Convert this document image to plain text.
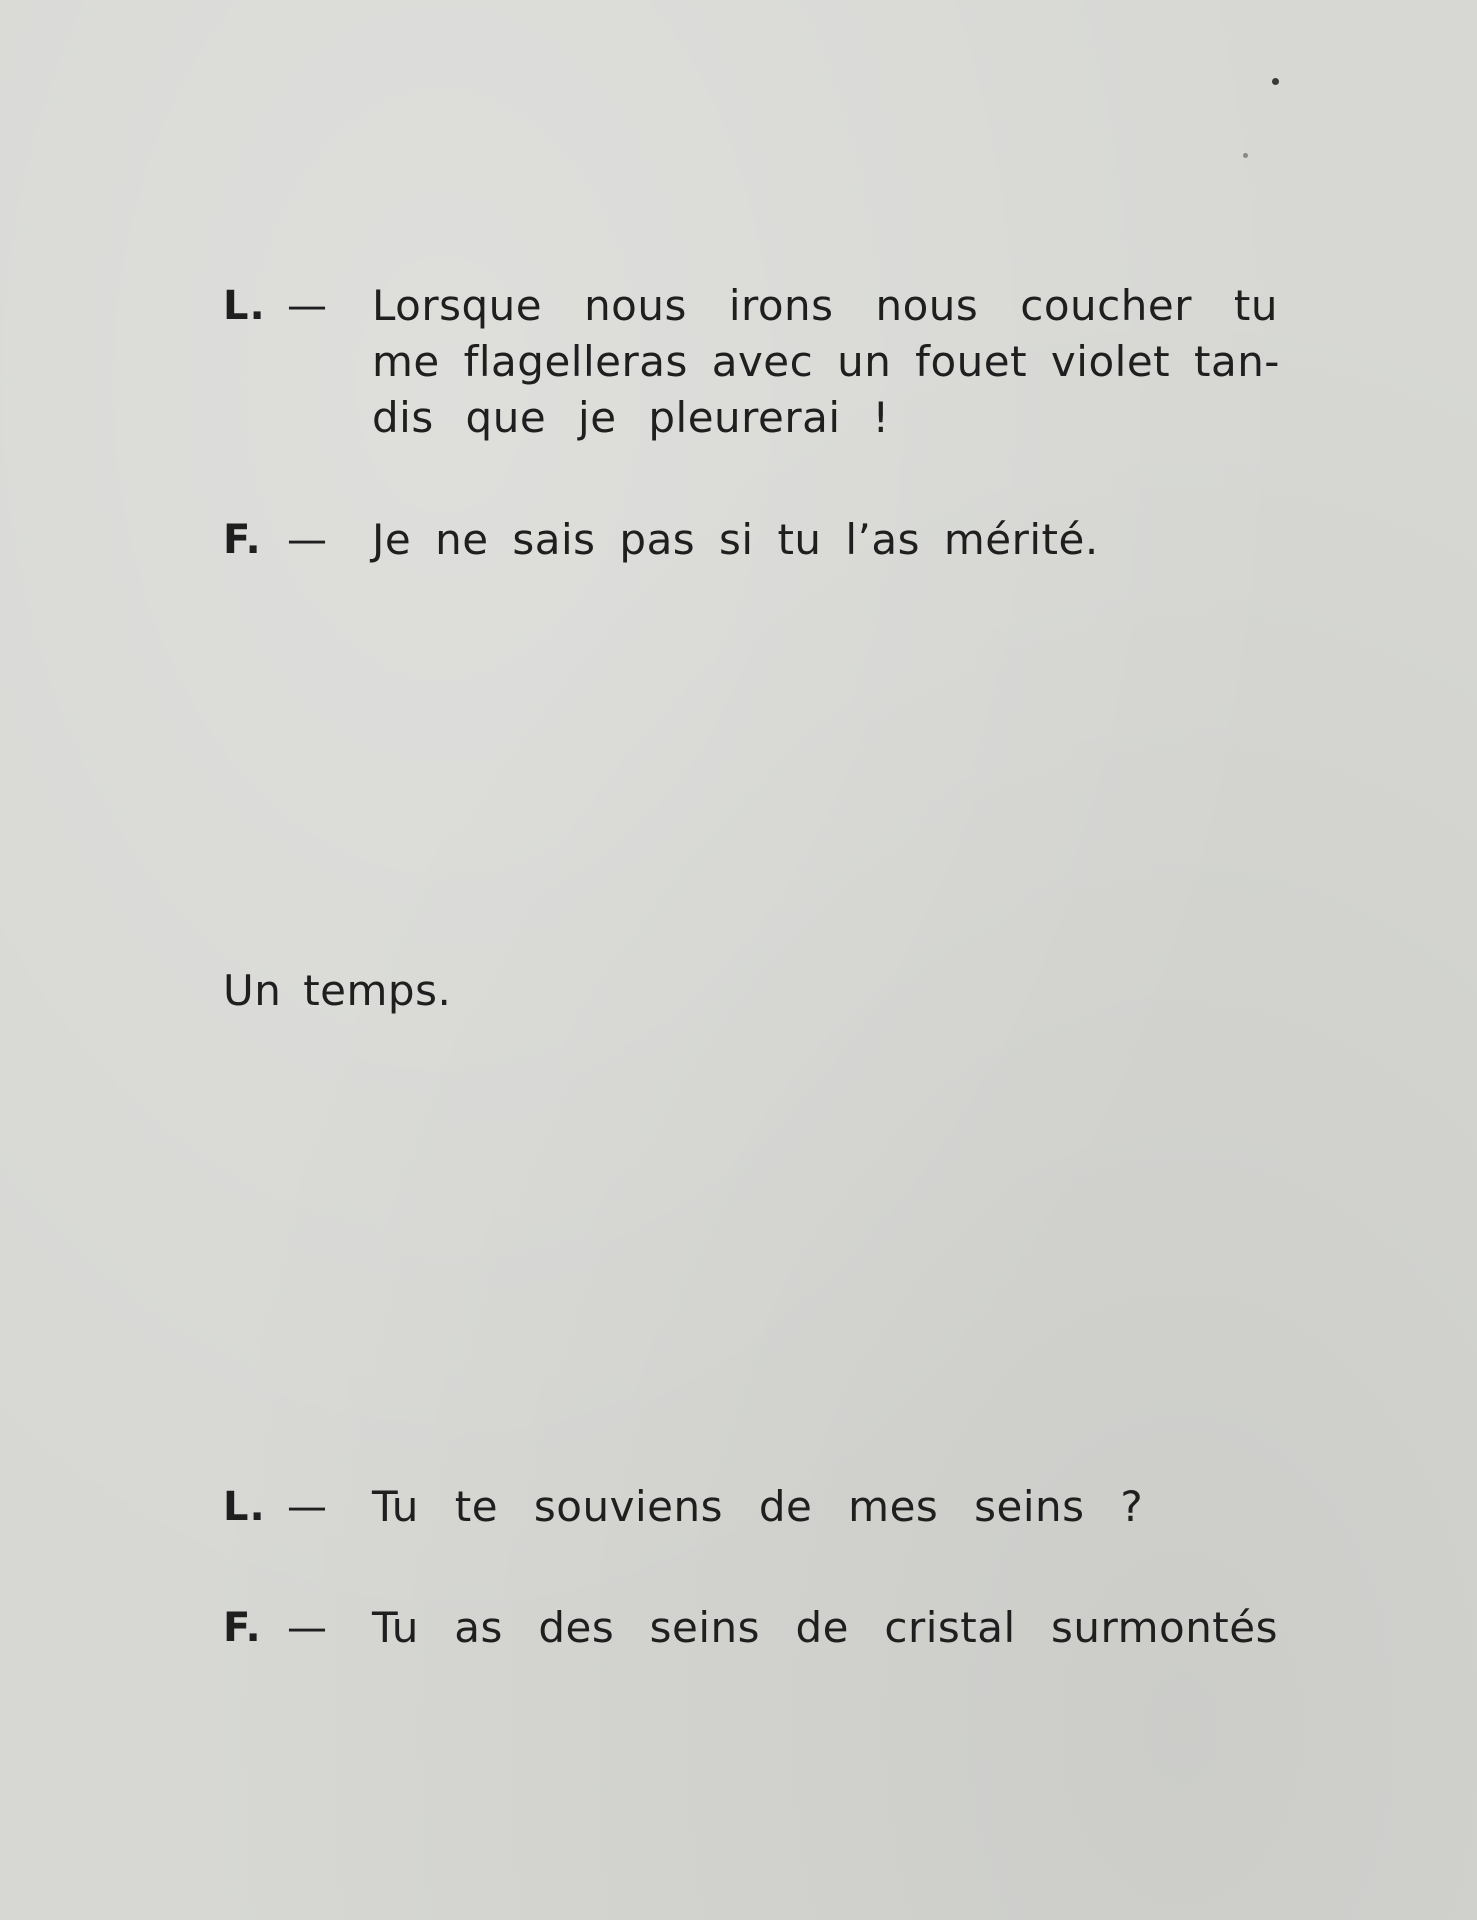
L. — Lorsque nous irons nous coucher tu
me flagelleras avec un fouet violet tan-
dis que je pleurerai !
F. — Je ne sais pas si tu l’as mérité.
Un temps.
L. — Tu te souviens de mes seins ?
F. — Tu as des seins de cristal surmontés
